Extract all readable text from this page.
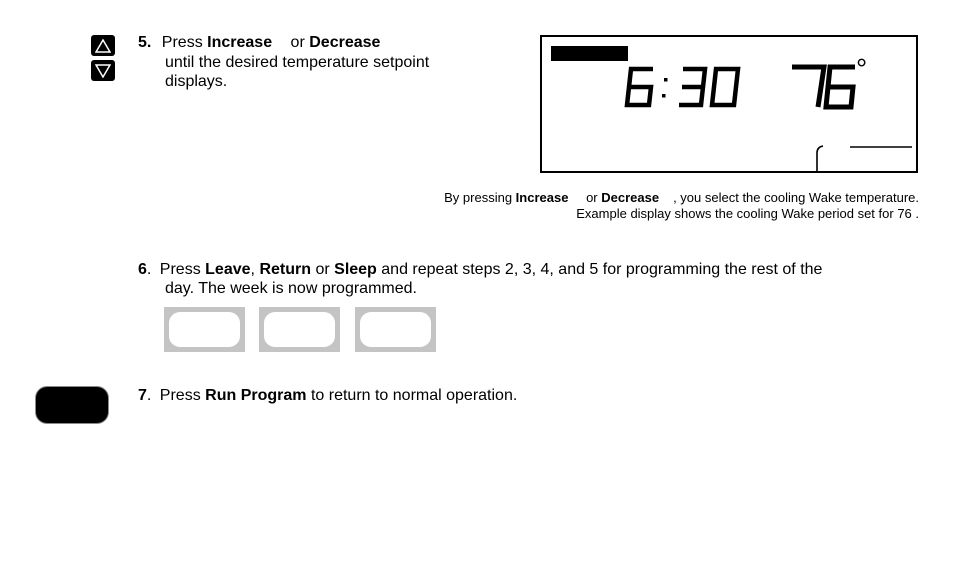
5. Press Increase or Decrease
until the desired temperature setpoint
displays.
6:30	76 °
By pressing Increase or Decrease , you select the cooling Wake temperature.
Example display shows the cooling Wake period set for 76 .
6. Press Leave, Return or Sleep and repeat steps 2, 3, 4, and 5 for programming the rest of the
day. The week is now programmed.
7. Press Run Program to return to normal operation.
